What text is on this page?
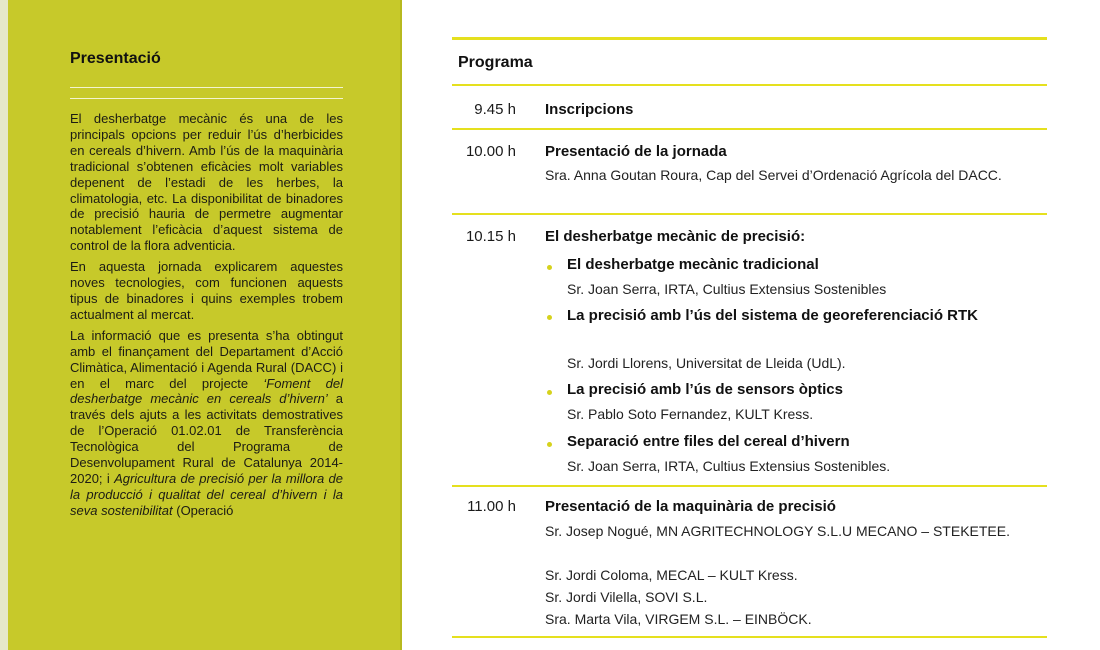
Presentació

El desherbatge mecànic és una de les principals opcions per reduir l’ús d’herbicides en cereals d’hivern. Amb l’ús de la maquinària tradicional s’obtenen eficàcies molt variables depenent de l’estadi de les herbes, la climatologia, etc. La disponibilitat de binadores de precisió hauria de permetre augmentar notablement l’eficàcia d’aquest sistema de control de la flora adventicia.

En aquesta jornada explicarem aquestes noves tecnologies, com funcionen aquests tipus de binadores i quins exemples trobem actualment al mercat.

La informació que es presenta s’ha obtingut amb el finançament del Departament d’Acció Climàtica, Alimentació i Agenda Rural (DACC) i en el marc del projecte ‘Foment del desherbatge mecànic en cereals d’hivern’ a través dels ajuts a les activitats demostratives de l’Operació 01.02.01 de Transferència Tecnològica del Programa de Desenvolupament Rural de Catalunya 2014-2020; i Agricultura de precisió per la millora de la producció i qualitat del cereal d’hivern i la seva sostenibilitat (Operació

Programa
9.45 h Inscripcions
10.00 h Presentació de la jornada
Sra. Anna Goutan Roura, Cap del Servei d’Ordenació Agrícola del DACC.
10.15 h El desherbatge mecànic de precisió:
El desherbatge mecànic tradicional
Sr. Joan Serra, IRTA, Cultius Extensius Sostenibles
La precisió amb l’ús del sistema de georeferenciació RTK
Sr. Jordi Llorens, Universitat de Lleida (UdL).
La precisió amb l’ús de sensors òptics
Sr. Pablo Soto Fernandez, KULT Kress.
Separació entre files del cereal d’hivern
Sr. Joan Serra, IRTA, Cultius Extensius Sostenibles.
11.00 h Presentació de la maquinària de precisió
Sr. Josep Nogué, MN AGRITECHNOLOGY S.L.U MECANO – STEKETEE.
Sr. Jordi Coloma, MECAL – KULT Kress.
Sr. Jordi Vilella, SOVI S.L.
Sra. Marta Vila, VIRGEM S.L. – EINBÖCK.
